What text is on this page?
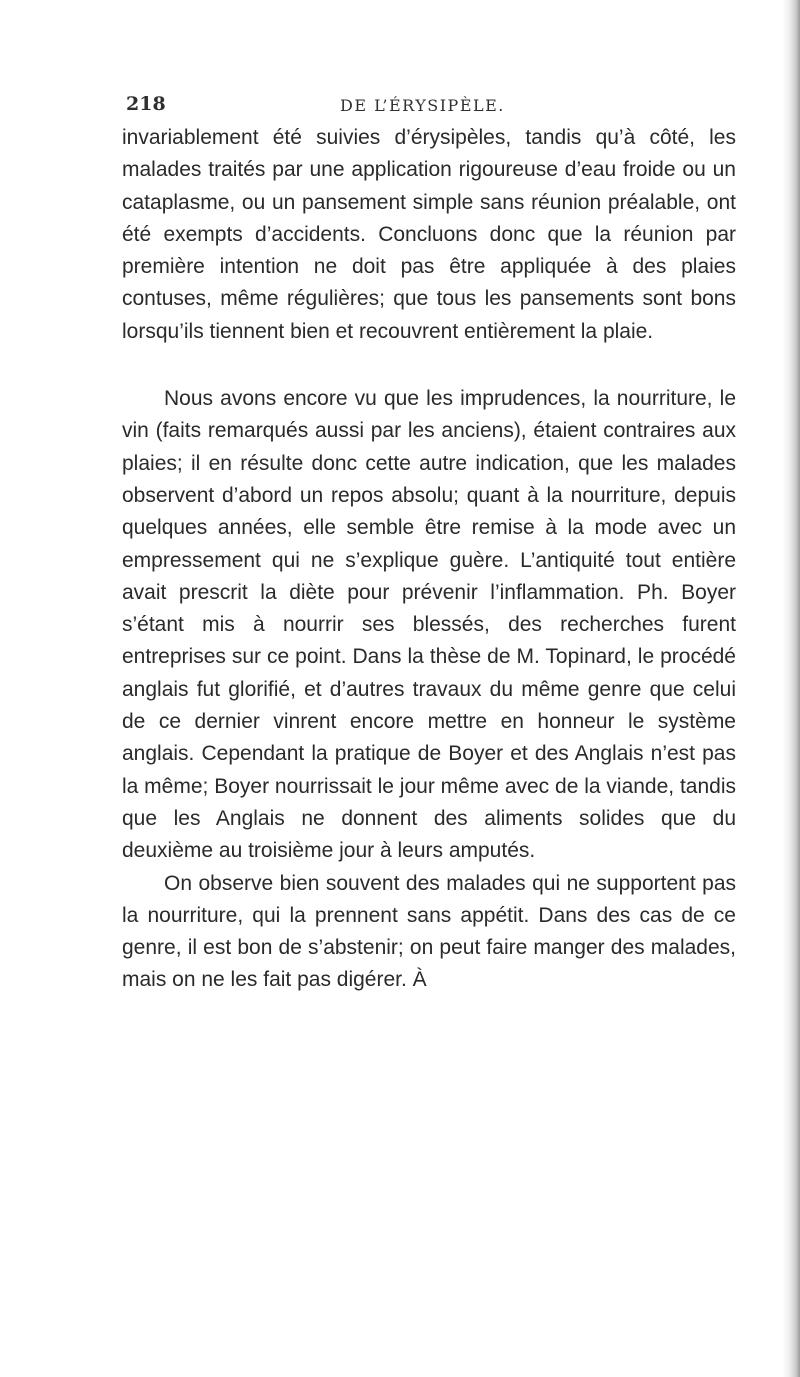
218	DE L’ÉRYSIPÈLE.

invariablement été suivies d’érysipèles, tandis qu’à côté, les malades traités par une application rigoureuse d’eau froide ou un cataplasme, ou un pansement simple sans réunion préalable, ont été exempts d’accidents. Concluons donc que la réunion par première intention ne doit pas être appliquée à des plaies contuses, même régulières; que tous les pansements sont bons lorsqu’ils tiennent bien et recouvrent entièrement la plaie.

Nous avons encore vu que les imprudences, la nourriture, le vin (faits remarqués aussi par les anciens), étaient contraires aux plaies; il en résulte donc cette autre indication, que les malades observent d’abord un repos absolu; quant à la nourriture, depuis quelques années, elle semble être remise à la mode avec un empressement qui ne s’explique guère. L’antiquité tout entière avait prescrit la diète pour prévenir l’inflammation. Ph. Boyer s’étant mis à nourrir ses blessés, des recherches furent entreprises sur ce point. Dans la thèse de M. Topinard, le procédé anglais fut glorifié, et d’autres travaux du même genre que celui de ce dernier vinrent encore mettre en honneur le système anglais. Cependant la pratique de Boyer et des Anglais n’est pas la même; Boyer nourrissait le jour même avec de la viande, tandis que les Anglais ne donnent des aliments solides que du deuxième au troisième jour à leurs amputés.

On observe bien souvent des malades qui ne supportent pas la nourriture, qui la prennent sans appétit. Dans des cas de ce genre, il est bon de s’abstenir; on peut faire manger des malades, mais on ne les fait pas digérer. À
